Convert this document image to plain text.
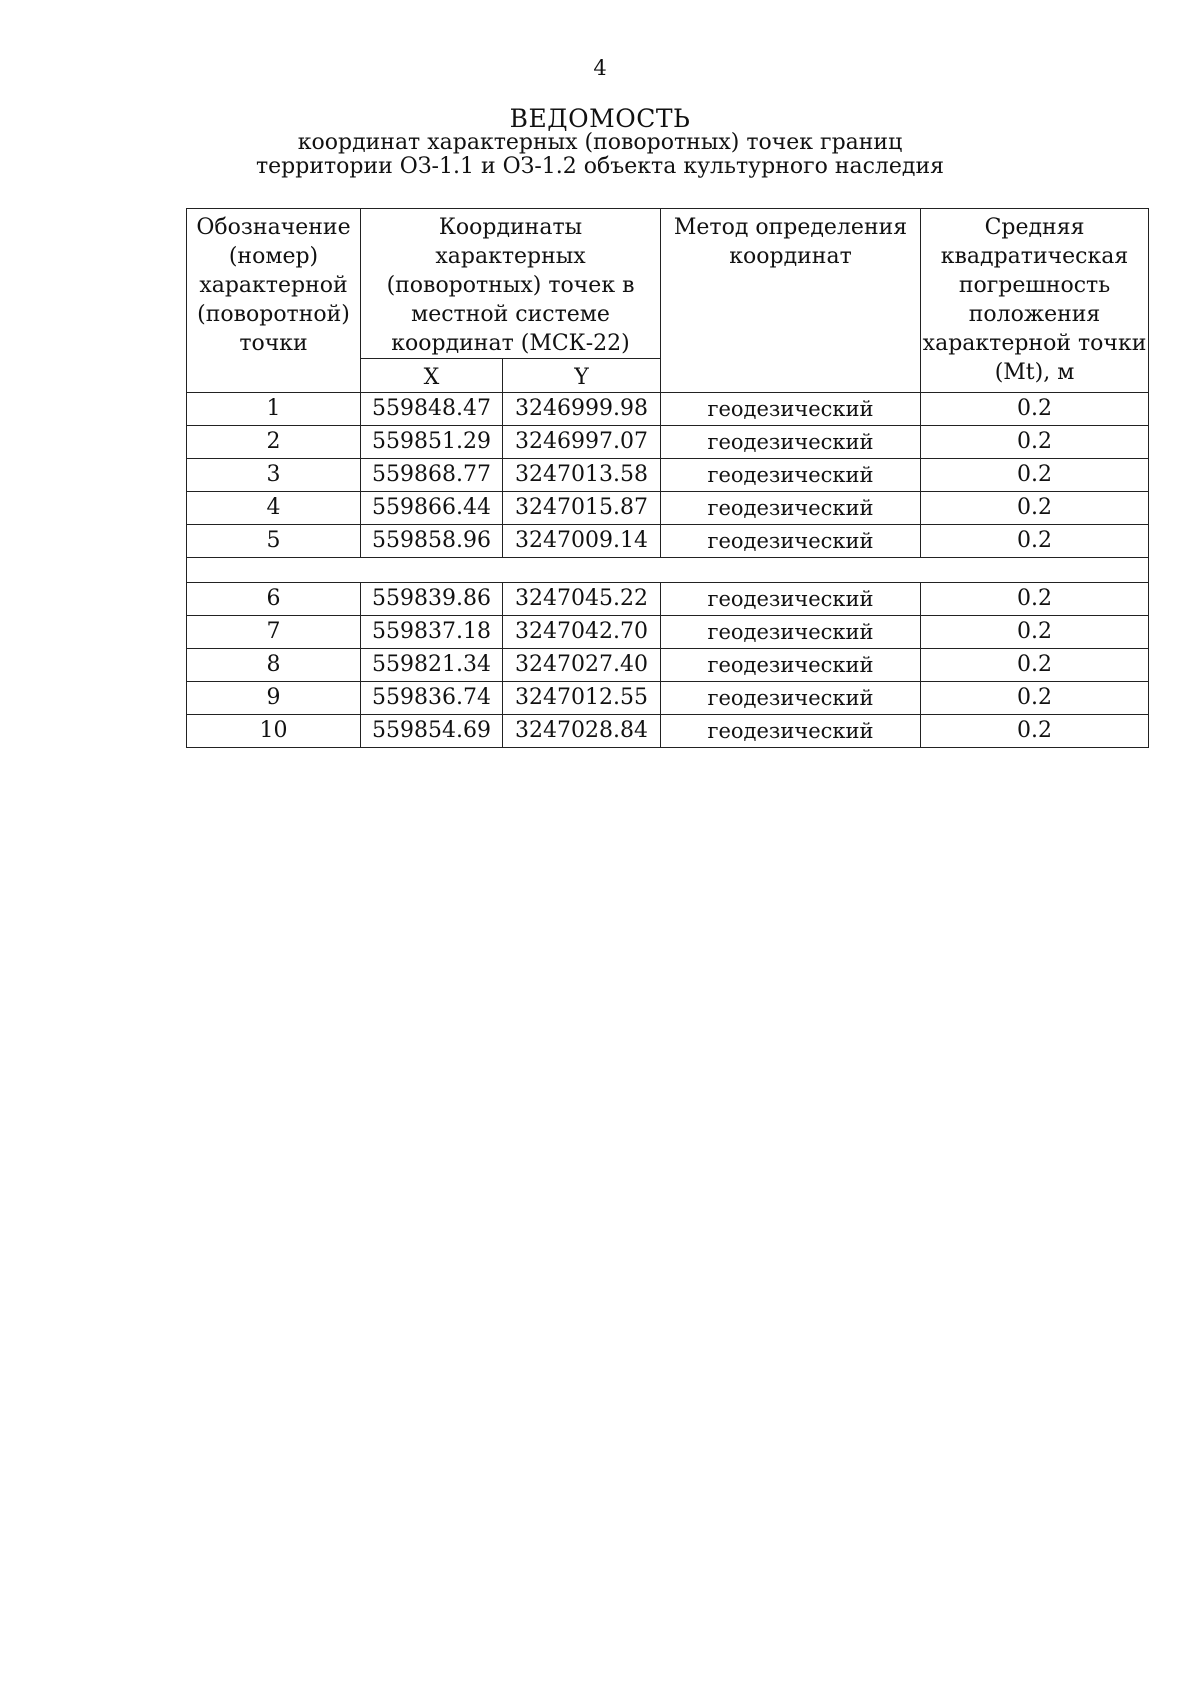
4
ВЕДОМОСТЬ
координат характерных (поворотных) точек границ
территории ОЗ-1.1 и ОЗ-1.2 объекта культурного наследия
Обозначение (номер) характерной (поворотной) точки	Координаты характерных (поворотных) точек в местной системе координат (МСК-22)		Метод определения координат	Средняя квадратическая погрешность положения характерной точки (Mt), м
	X	Y		
1	559848.47	3246999.98	геодезический	0.2
2	559851.29	3246997.07	геодезический	0.2
3	559868.77	3247013.58	геодезический	0.2
4	559866.44	3247015.87	геодезический	0.2
5	559858.96	3247009.14	геодезический	0.2

6	559839.86	3247045.22	геодезический	0.2
7	559837.18	3247042.70	геодезический	0.2
8	559821.34	3247027.40	геодезический	0.2
9	559836.74	3247012.55	геодезический	0.2
10	559854.69	3247028.84	геодезический	0.2
